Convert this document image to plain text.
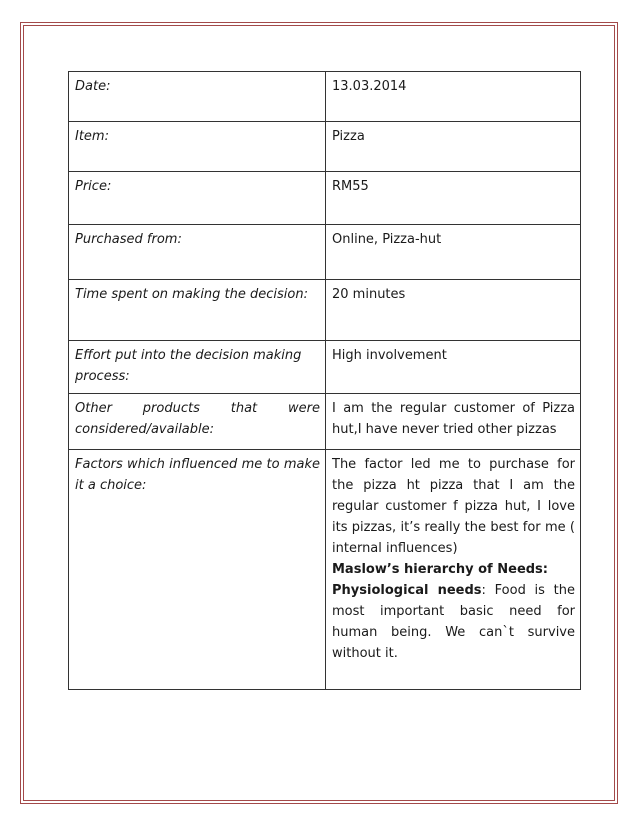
Date:	13.03.2014
Item:	Pizza
Price:	RM55
Purchased from:	Online, Pizza-hut
Time spent on making the decision:	20 minutes
Effort put into the decision making process:	High involvement
Other products that were considered/available:	I am the regular customer of Pizza hut,I have never tried other pizzas
Factors which influenced me to make it a choice:	The factor led me to purchase for the pizza ht pizza that I am the regular customer f pizza hut, I love its pizzas, it’s really the best for me ( internal influences)
Maslow’s hierarchy of Needs:
Physiological needs: Food is the most important basic need for human being. We can`t survive without it.
